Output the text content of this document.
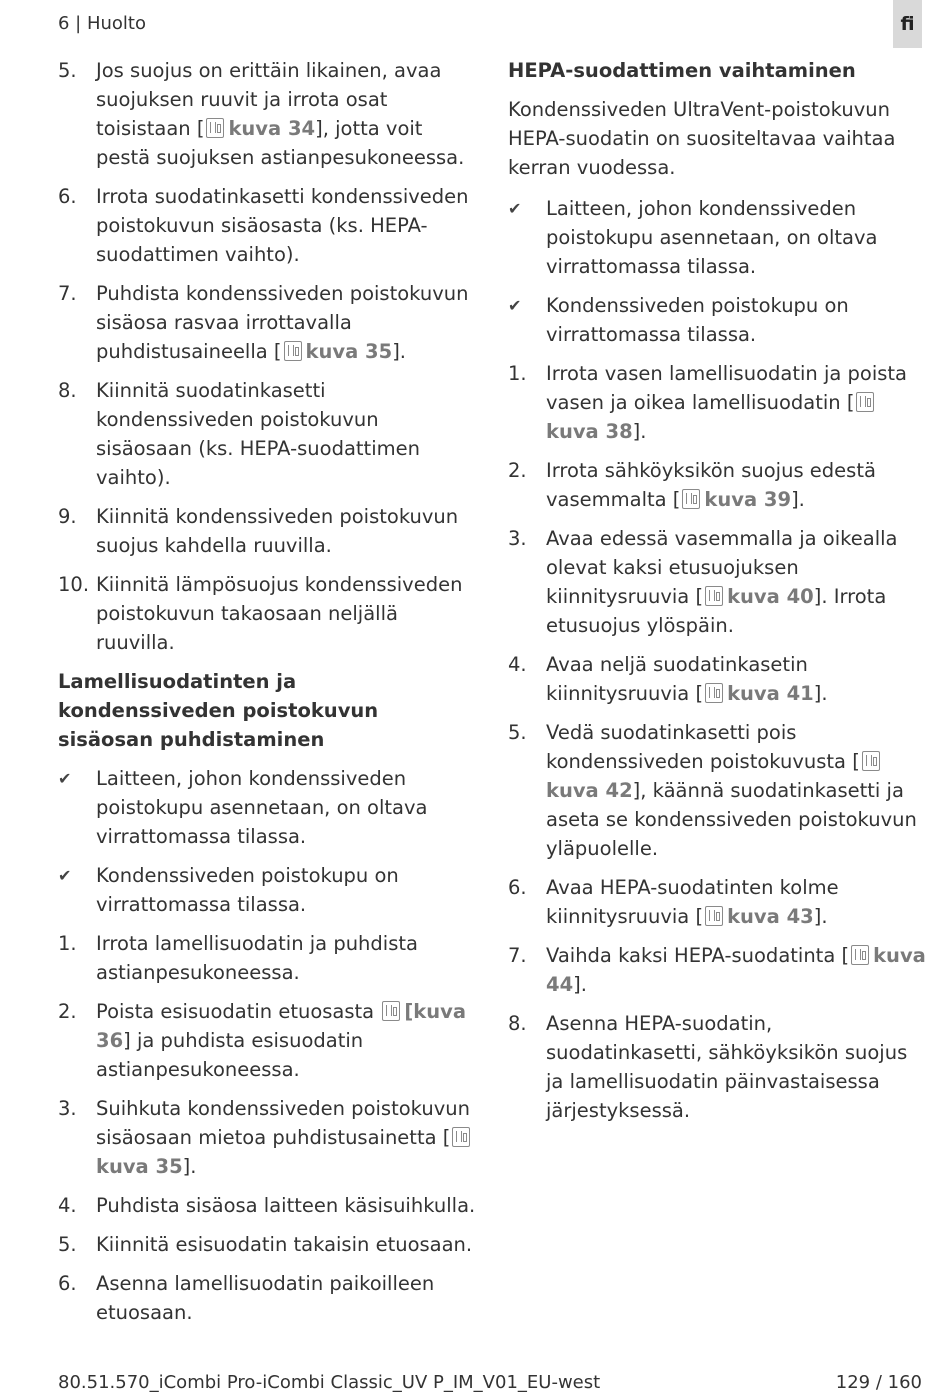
6 | Huolto	fi
5. Jos suojus on erittäin likainen, avaa suojuksen ruuvit ja irrota osat toisistaan [ kuva 34], jotta voit pestä suojuksen astianpesukoneessa.
6. Irrota suodatinkasetti kondenssiveden poistokuvun sisäosasta (ks. HEPA-suodattimen vaihto).
7. Puhdista kondenssiveden poistokuvun sisäosa rasvaa irrottavalla puhdistusaineella [ kuva 35].
8. Kiinnitä suodatinkasetti kondenssiveden poistokuvun sisäosaan (ks. HEPA-suodattimen vaihto).
9. Kiinnitä kondenssiveden poistokuvun suojus kahdella ruuvilla.
10. Kiinnitä lämpösuojus kondenssiveden poistokuvun takaosaan neljällä ruuvilla.
Lamellisuodatinten ja kondenssiveden poistokuvun sisäosan puhdistaminen
✔ Laitteen, johon kondenssiveden poistokupu asennetaan, on oltava virrattomassa tilassa.
✔ Kondenssiveden poistokupu on virrattomassa tilassa.
1. Irrota lamellisuodatin ja puhdista astianpesukoneessa.
2. Poista esisuodatin etuosasta [kuva 36] ja puhdista esisuodatin astianpesukoneessa.
3. Suihkuta kondenssiveden poistokuvun sisäosaan mietoa puhdistusainetta [kuva 35].
4. Puhdista sisäosa laitteen käsisuihkulla.
5. Kiinnitä esisuodatin takaisin etuosaan.
6. Asenna lamellisuodatin paikoilleen etuosaan.
HEPA-suodattimen vaihtaminen
Kondenssiveden UltraVent-poistokuvun HEPA-suodatin on suositeltavaa vaihtaa kerran vuodessa.
✔ Laitteen, johon kondenssiveden poistokupu asennetaan, on oltava virrattomassa tilassa.
✔ Kondenssiveden poistokupu on virrattomassa tilassa.
1. Irrota vasen lamellisuodatin ja poista vasen ja oikea lamellisuodatin [kuva 38].
2. Irrota sähköyksikön suojus edestä vasemmalta [ kuva 39].
3. Avaa edessä vasemmalla ja oikealla olevat kaksi etusuojuksen kiinnitysruuvia [ kuva 40]. Irrota etusuojus ylöspäin.
4. Avaa neljä suodatinkasetin kiinnitysruuvia [ kuva 41].
5. Vedä suodatinkasetti pois kondenssiveden poistokuvusta [kuva 42], käännä suodatinkasetti ja aseta se kondenssiveden poistokuvun yläpuolelle.
6. Avaa HEPA-suodatinten kolme kiinnitysruuvia [ kuva 43].
7. Vaihda kaksi HEPA-suodatinta [ kuva 44].
8. Asenna HEPA-suodatin, suodatinkasetti, sähköyksikön suojus ja lamellisuodatin päinvastaisessa järjestyksessä.
80.51.570_iCombi Pro-iCombi Classic_UV P_IM_V01_EU-west	129 / 160
